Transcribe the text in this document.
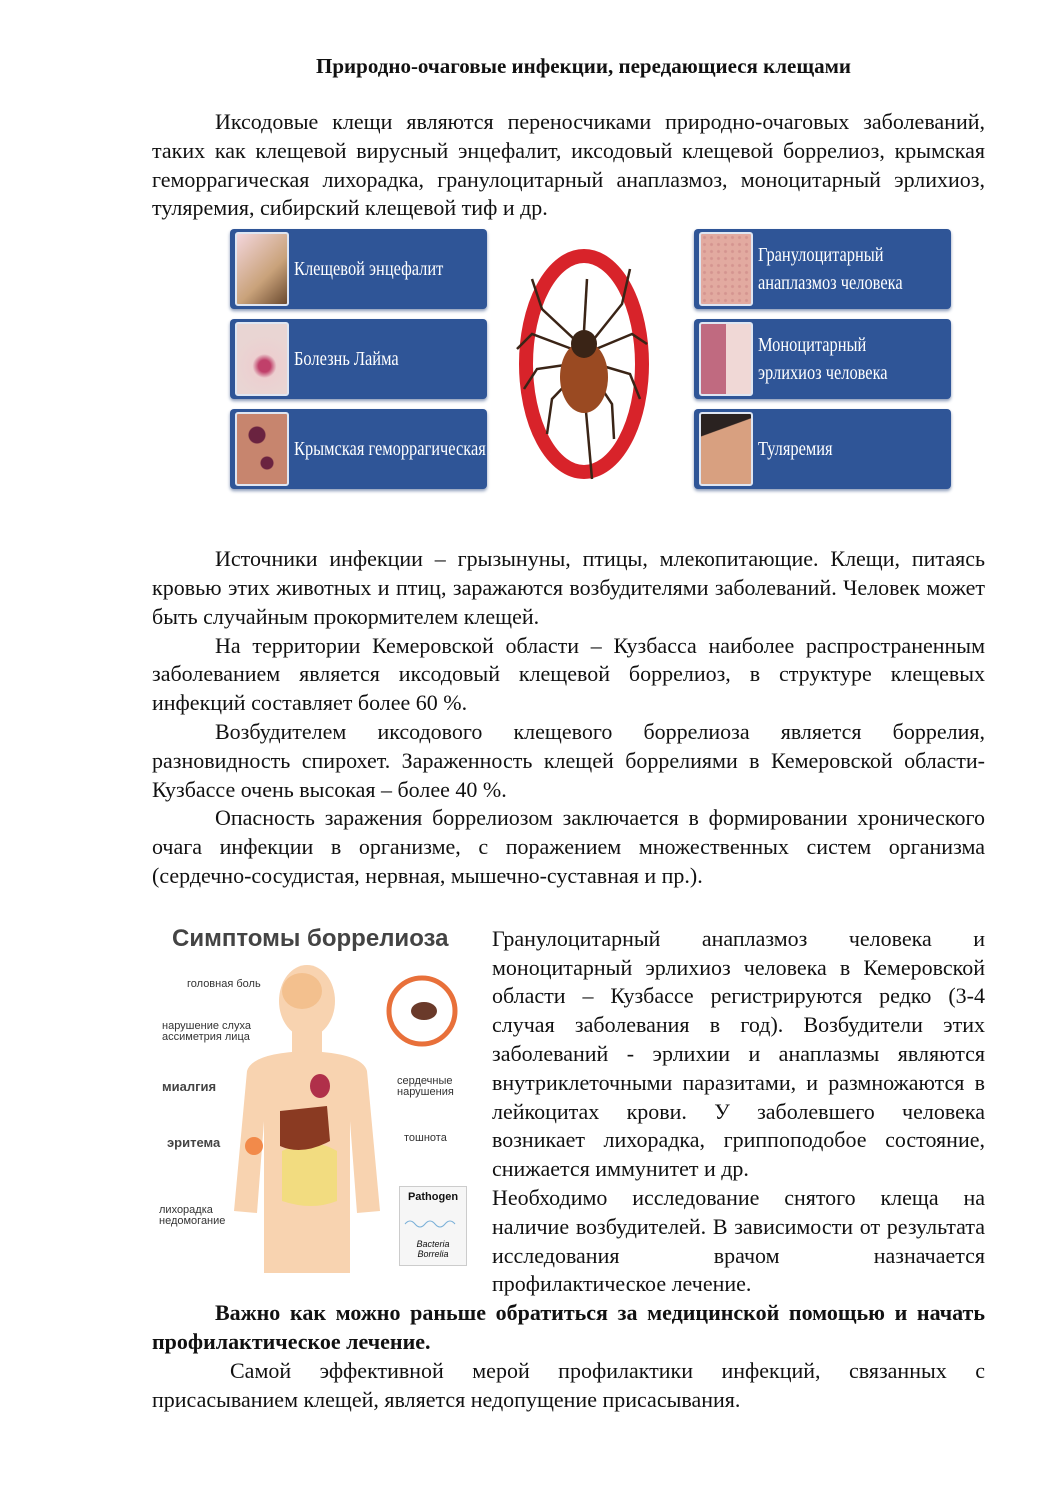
Природно-очаговые инфекции, передающиеся клещами

Иксодовые клещи являются переносчиками природно-очаговых заболеваний, таких как клещевой вирусный энцефалит, иксодовый клещевой боррелиоз, крымская геморрагическая лихорадка, гранулоцитарный анаплазмоз, моноцитарный эрлихиоз, туляремия, сибирский клещевой тиф и др.

Клещевой энцефалит
Болезнь Лайма
Крымская геморрагическая лихорадка
Гранулоцитарный анаплазмоз человека
Моноцитарный эрлихиоз человека
Туляремия

Источники инфекции – грызынуны, птицы, млекопитающие. Клещи, питаясь кровью этих животных и птиц, заражаются возбудителями заболеваний. Человек может быть случайным прокормителем клещей.

На территории Кемеровской области – Кузбасса наиболее распространенным заболеванием является иксодовый клещевой боррелиоз, в структуре клещевых инфекций составляет более 60 %.

Возбудителем иксодового клещевого боррелиоза является боррелия, разновидность спирохет. Зараженность клещей боррелиями в Кемеровской области- Кузбассе очень высокая – более 40 %.

Опасность заражения боррелиозом заключается в формировании хронического очага инфекции в организме, с поражением множественных систем организма (сердечно-сосудистая, нервная, мышечно-суставная и пр.).

Симптомы боррелиоза
головная боль
нарушение слуха
ассиметрия лица
миалгия
эритема
лихорадка
недомогание
сердечные
нарушения
тошнота
Pathogen
Bacteria Borrelia

Гранулоцитарный анаплазмоз человека и моноцитарный эрлихиоз человека в Кемеровской области – Кузбассе регистрируются редко (3-4 случая заболевания в год). Возбудители этих заболеваний - эрлихии и анаплазмы являются внутриклеточными паразитами, и размножаются в лейкоцитах крови. У заболевшего человека возникает лихорадка, гриппоподобое состояние, снижается иммунитет и др.

Необходимо исследование снятого клеща на наличие возбудителей. В зависимости от результата исследования врачом назначается профилактическое лечение.

Важно как можно раньше обратиться за медицинской помощью и начать профилактическое лечение.

Самой эффективной мерой профилактики инфекций, связанных с присасыванием клещей, является недопущение присасывания.
